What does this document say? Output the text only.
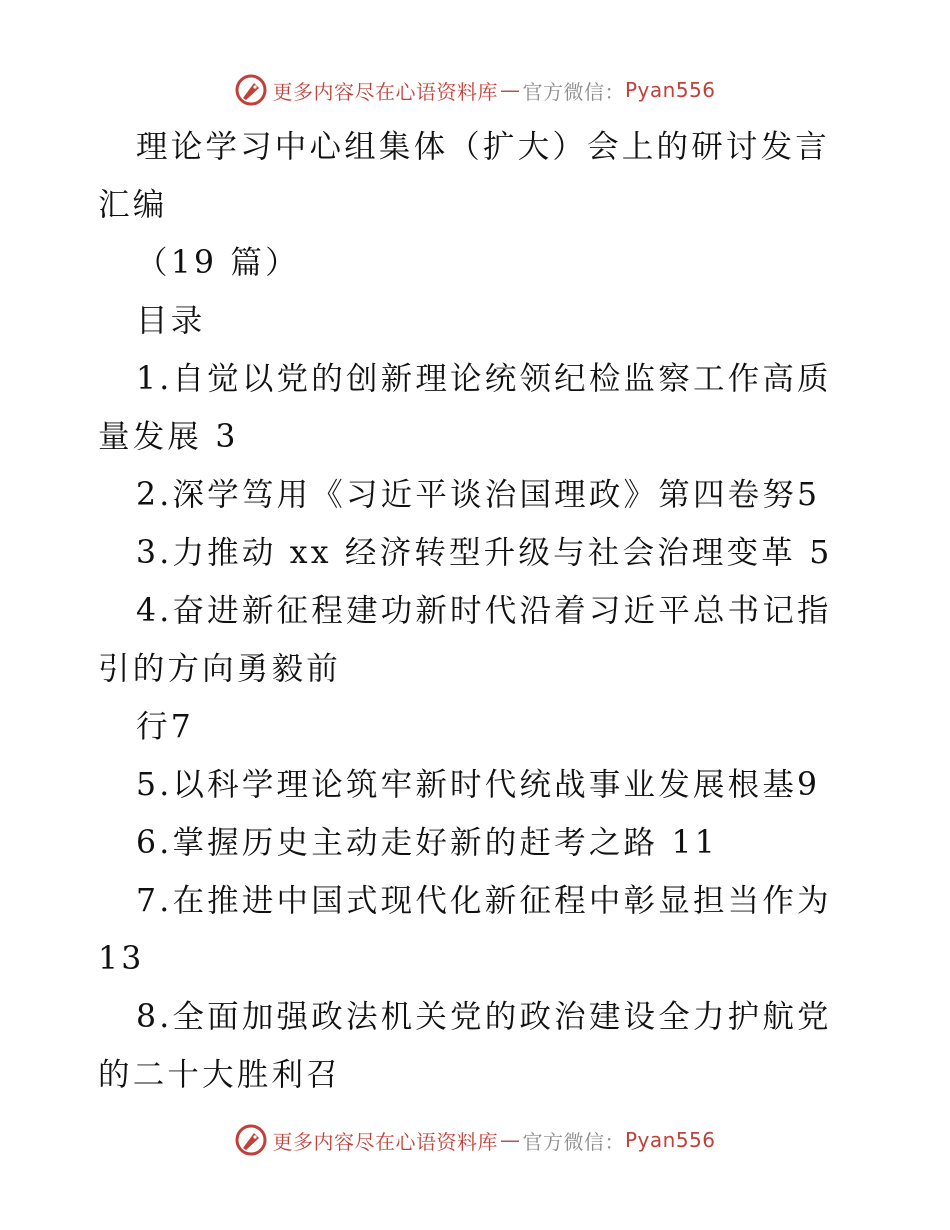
更多内容尽在心语资料库 — 官方微信： Pyan556

理论学习中心组集体（扩大）会上的研讨发言汇编

（19 篇）

目录

1.自觉以党的创新理论统领纪检监察工作高质量发展 3

2.深学笃用《习近平谈治国理政》第四卷努5

3.力推动 xx 经济转型升级与社会治理变革 5

4.奋进新征程建功新时代沿着习近平总书记指引的方向勇毅前

行7

5.以科学理论筑牢新时代统战事业发展根基9

6.掌握历史主动走好新的赶考之路 11

7.在推进中国式现代化新征程中彰显担当作为 13

8.全面加强政法机关党的政治建设全力护航党的二十大胜利召

更多内容尽在心语资料库 — 官方微信： Pyan556
